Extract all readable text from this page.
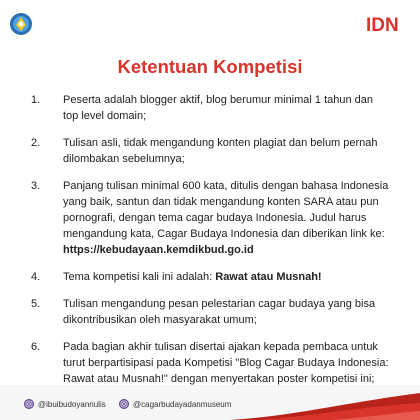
IDN
Ketentuan Kompetisi
1. Peserta adalah blogger aktif, blog berumur minimal 1 tahun dan top level domain;
2. Tulisan asli, tidak mengandung konten plagiat dan belum pernah dilombakan sebelumnya;
3. Panjang tulisan minimal 600 kata, ditulis dengan bahasa Indonesia yang baik, santun dan tidak mengandung konten SARA atau pun pornografi, dengan tema cagar budaya Indonesia. Judul harus mengandung kata, Cagar Budaya Indonesia dan diberikan link ke: https://kebudayaan.kemdikbud.go.id
4. Tema kompetisi kali ini adalah: Rawat atau Musnah!
5. Tulisan mengandung pesan pelestarian cagar budaya yang bisa dikontribusikan oleh masyarakat umum;
6. Pada bagian akhir tulisan disertai ajakan kepada pembaca untuk turut berpartisipasi pada Kompetisi "Blog Cagar Budaya Indonesia: Rawat atau Musnah!" dengan menyertakan poster kompetisi ini;
@ibuibudoyannulis	@cagarbudayadanmuseum
